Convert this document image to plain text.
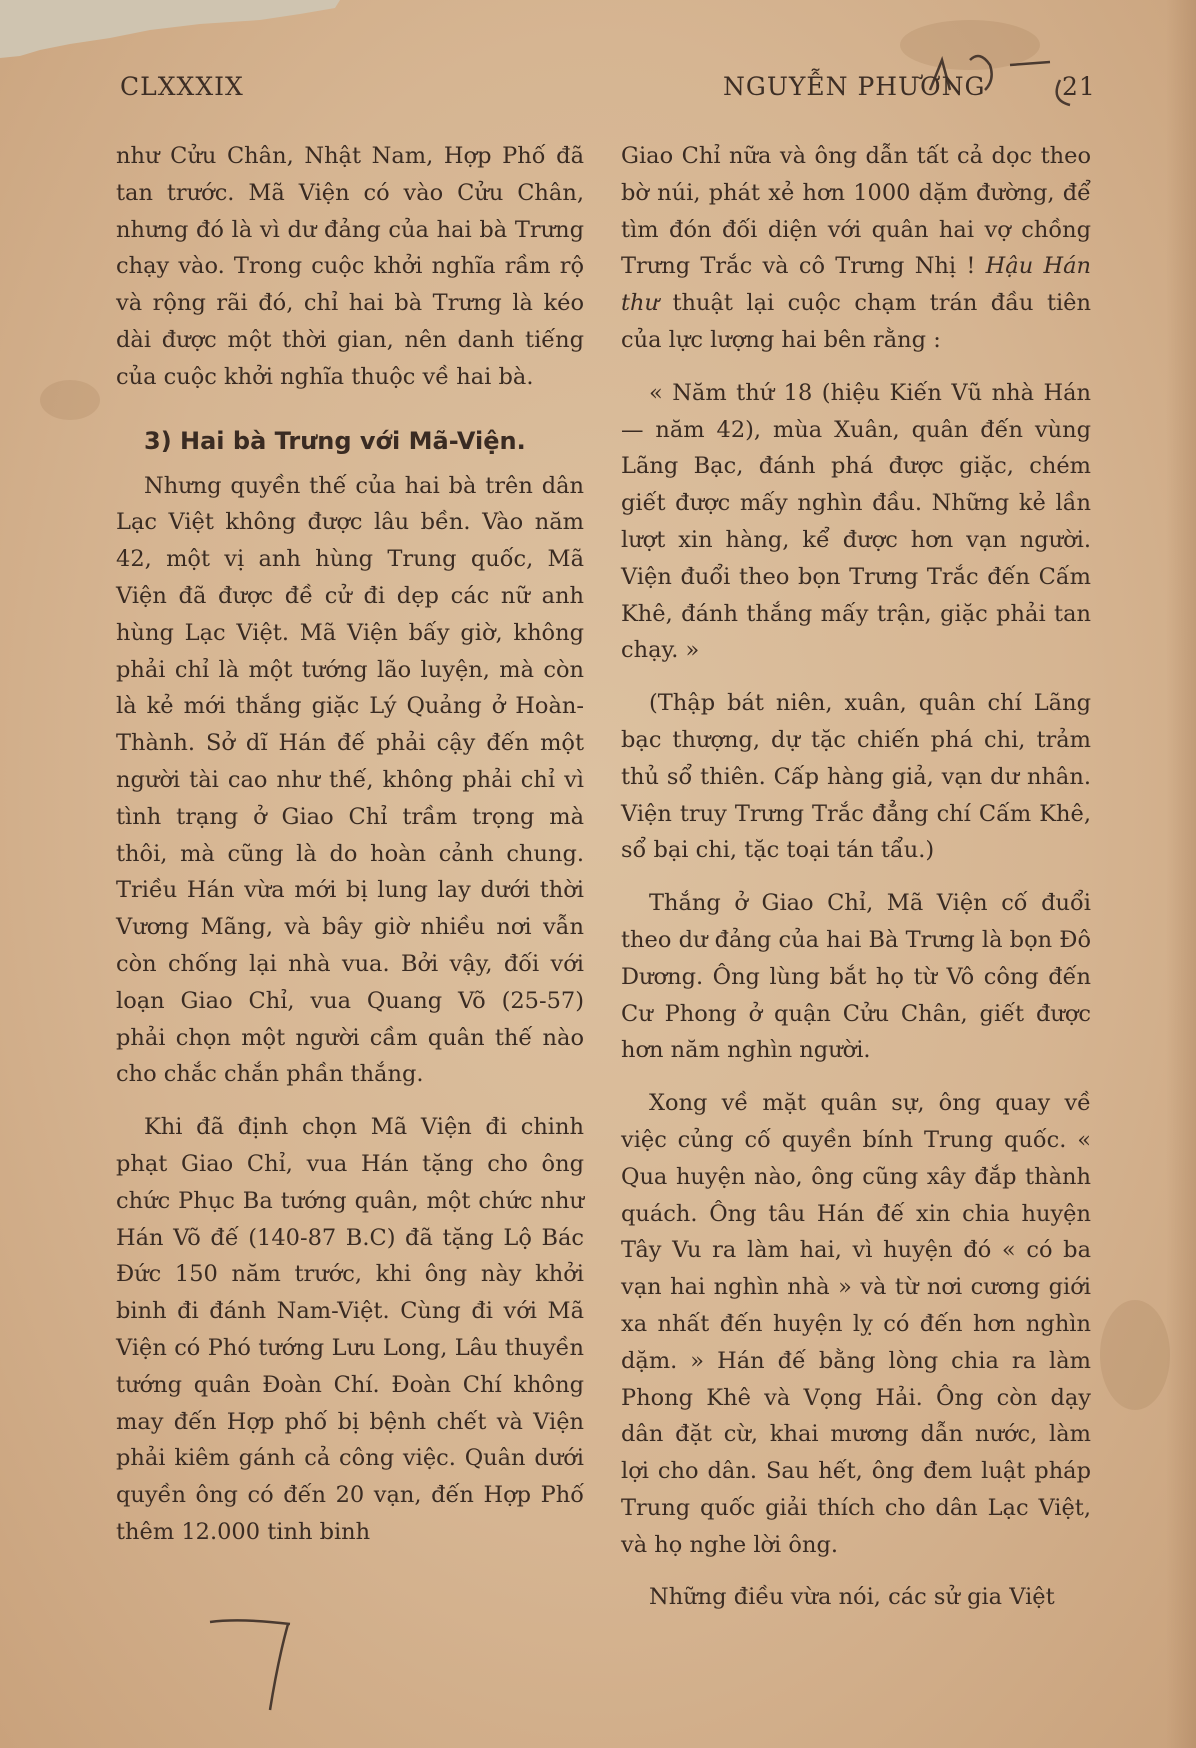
CLXXXIX	NGUYỄN PHƯƠNG	21

như Cửu Chân, Nhật Nam, Hợp Phố đã tan trước. Mã Viện có vào Cửu Chân, nhưng đó là vì dư đảng của hai bà Trưng chạy vào. Trong cuộc khởi nghĩa rầm rộ và rộng rãi đó, chỉ hai bà Trưng là kéo dài được một thời gian, nên danh tiếng của cuộc khởi nghĩa thuộc về hai bà.

3) Hai bà Trưng với Mã-Viện.

Nhưng quyền thế của hai bà trên dân Lạc Việt không được lâu bền. Vào năm 42, một vị anh hùng Trung quốc, Mã Viện đã được đề cử đi dẹp các nữ anh hùng Lạc Việt. Mã Viện bấy giờ, không phải chỉ là một tướng lão luyện, mà còn là kẻ mới thắng giặc Lý Quảng ở Hoàn-Thành. Sở dĩ Hán đế phải cậy đến một người tài cao như thế, không phải chỉ vì tình trạng ở Giao Chỉ trầm trọng mà thôi, mà cũng là do hoàn cảnh chung. Triều Hán vừa mới bị lung lay dưới thời Vương Mãng, và bây giờ nhiều nơi vẫn còn chống lại nhà vua. Bởi vậy, đối với loạn Giao Chỉ, vua Quang Võ (25-57) phải chọn một người cầm quân thế nào cho chắc chắn phần thắng.

Khi đã định chọn Mã Viện đi chinh phạt Giao Chỉ, vua Hán tặng cho ông chức Phục Ba tướng quân, một chức như Hán Võ đế (140-87 B.C) đã tặng Lộ Bác Đức 150 năm trước, khi ông này khởi binh đi đánh Nam-Việt. Cùng đi với Mã Viện có Phó tướng Lưu Long, Lâu thuyền tướng quân Đoàn Chí. Đoàn Chí không may đến Hợp phố bị bệnh chết và Viện phải kiêm gánh cả công việc. Quân dưới quyền ông có đến 20 vạn, đến Hợp Phố thêm 12.000 tinh binh

Giao Chỉ nữa và ông dẫn tất cả dọc theo bờ núi, phát xẻ hơn 1000 dặm đường, để tìm đón đối diện với quân hai vợ chồng Trưng Trắc và cô Trưng Nhị ! Hậu Hán thư thuật lại cuộc chạm trán đầu tiên của lực lượng hai bên rằng :

« Năm thứ 18 (hiệu Kiến Vũ nhà Hán — năm 42), mùa Xuân, quân đến vùng Lãng Bạc, đánh phá được giặc, chém giết được mấy nghìn đầu. Những kẻ lần lượt xin hàng, kể được hơn vạn người. Viện đuổi theo bọn Trưng Trắc đến Cấm Khê, đánh thắng mấy trận, giặc phải tan chạy. »

(Thập bát niên, xuân, quân chí Lãng bạc thượng, dự tặc chiến phá chi, trảm thủ sổ thiên. Cấp hàng giả, vạn dư nhân. Viện truy Trưng Trắc đẳng chí Cấm Khê, sổ bại chi, tặc toại tán tẩu.)

Thắng ở Giao Chỉ, Mã Viện cố đuổi theo dư đảng của hai Bà Trưng là bọn Đô Dương. Ông lùng bắt họ từ Vô công đến Cư Phong ở quận Cửu Chân, giết được hơn năm nghìn người.

Xong về mặt quân sự, ông quay về việc củng cố quyền bính Trung quốc. « Qua huyện nào, ông cũng xây đắp thành quách. Ông tâu Hán đế xin chia huyện Tây Vu ra làm hai, vì huyện đó « có ba vạn hai nghìn nhà » và từ nơi cương giới xa nhất đến huyện lỵ có đến hơn nghìn dặm. » Hán đế bằng lòng chia ra làm Phong Khê và Vọng Hải. Ông còn dạy dân đặt cừ, khai mương dẫn nước, làm lợi cho dân. Sau hết, ông đem luật pháp Trung quốc giải thích cho dân Lạc Việt, và họ nghe lời ông.

Những điều vừa nói, các sử gia Việt
